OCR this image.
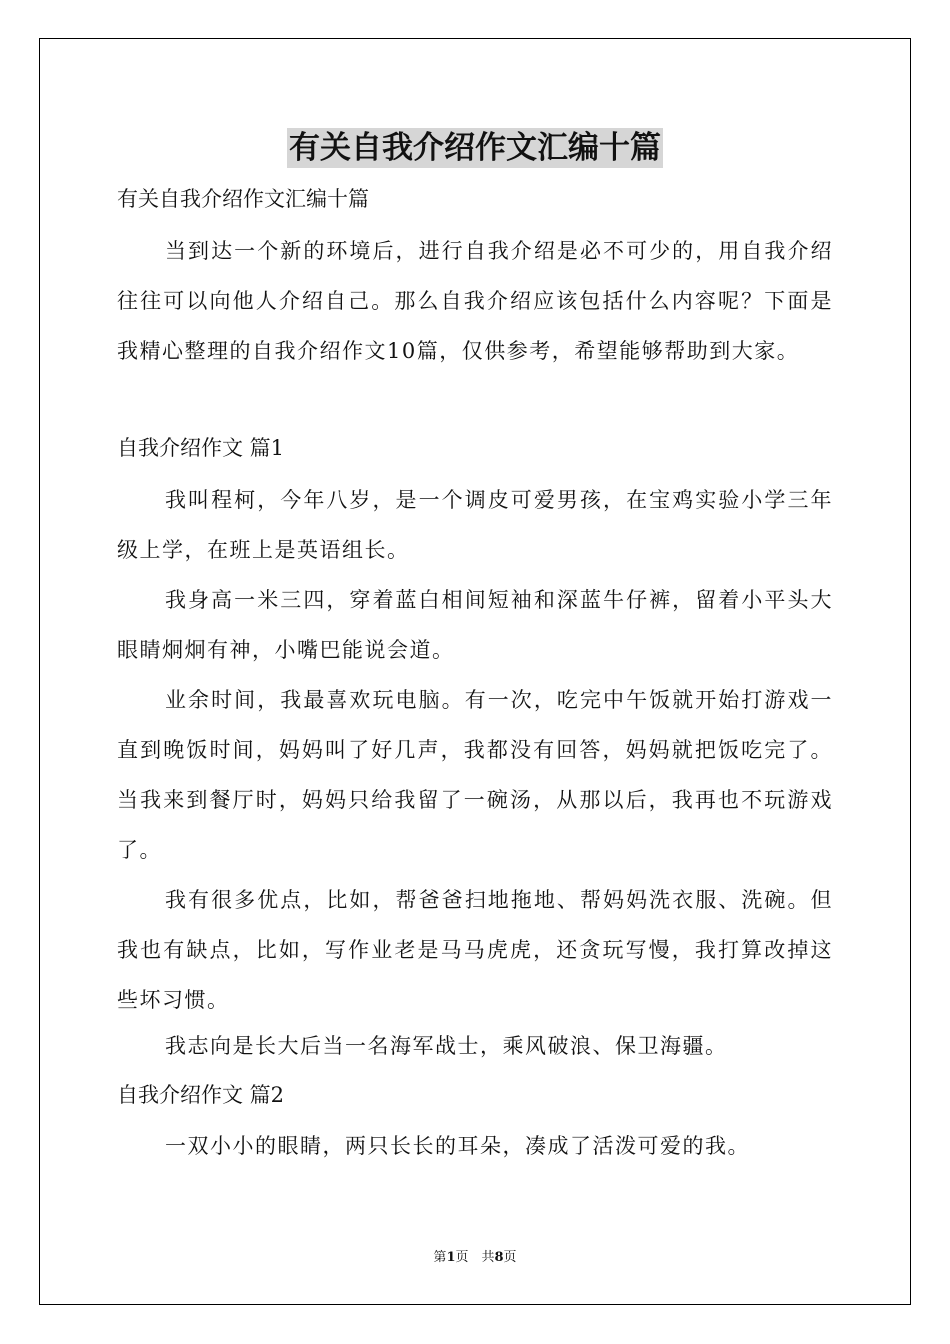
有关自我介绍作文汇编十篇
有关自我介绍作文汇编十篇
当到达一个新的环境后，进行自我介绍是必不可少的，用自我介绍往往可以向他人介绍自己。那么自我介绍应该包括什么内容呢？下面是我精心整理的自我介绍作文10篇，仅供参考，希望能够帮助到大家。
自我介绍作文 篇1
我叫程柯，今年八岁，是一个调皮可爱男孩，在宝鸡实验小学三年级上学，在班上是英语组长。
我身高一米三四，穿着蓝白相间短袖和深蓝牛仔裤，留着小平头大眼睛炯炯有神，小嘴巴能说会道。
业余时间，我最喜欢玩电脑。有一次，吃完中午饭就开始打游戏一直到晚饭时间，妈妈叫了好几声，我都没有回答，妈妈就把饭吃完了。当我来到餐厅时，妈妈只给我留了一碗汤，从那以后，我再也不玩游戏了。
我有很多优点，比如，帮爸爸扫地拖地、帮妈妈洗衣服、洗碗。但我也有缺点，比如，写作业老是马马虎虎，还贪玩写慢，我打算改掉这些坏习惯。
我志向是长大后当一名海军战士，乘风破浪、保卫海疆。
自我介绍作文 篇2
一双小小的眼睛，两只长长的耳朵，凑成了活泼可爱的我。
第1页　共8页
